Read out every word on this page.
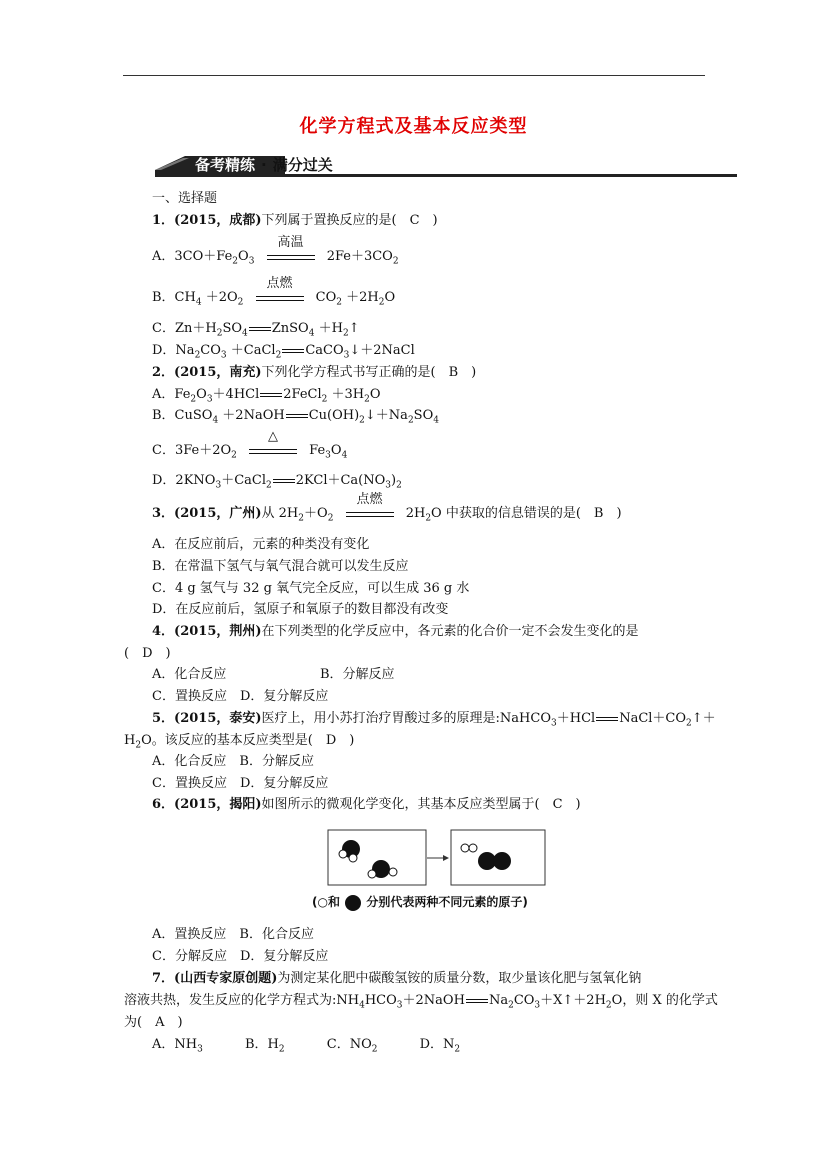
化学方程式及基本反应类型
备考精练 · 满分过关
一、选择题
1．(2015，成都)下列属于置换反应的是(　C　)
A．$3CO+Fe_2O_3$
高温
$2Fe+3CO_2$
B．$CH_4 +2O_2$
点燃
$CO_2 +2H_2O$
C．$Zn+H_2SO_4$ ZnSO$_4$ $+H_2↑$
D．$Na_2CO_3$ ＋CaCl$_2$ CaCO$_3$↓＋2NaCl
2．(2015，南充)下列化学方程式书写正确的是(　B　)
A．$Fe_2O_3+4HCl$ 2FeCl$_2$ $+3H_2O$
B．CuSO$_4$ ＋2NaOH $Cu(OH)_2↓+Na_2SO_4$
C．$3Fe+2O_2$
△
$Fe_3O_4$
D．$2KNO_3+CaCl_2$ $2KCl+Ca(NO_3)_2$
3．(2015，广州)从 $2H_2+O_2$
点燃
$2H_2O$ 中获取的信息错误的是(　B　)
A．在反应前后，元素的种类没有变化
B．在常温下氢气与氧气混合就可以发生反应
C．4 g 氢气与 32 g 氧气完全反应，可以生成 36 g 水
D．在反应前后，氢原子和氧原子的数目都没有改变
4．(2015，荆州)在下列类型的化学反应中，各元素的化合价一定不会发生变化的是
(　D　)
A．化合反应	B．分解反应
C．置换反应　D．复分解反应
5．(2015，泰安)医疗上，用小苏打治疗胃酸过多的原理是:NaHCO$_3$＋HCl $NaCl+CO_2↑+$
$H_2O$。该反应的基本反应类型是(　D　)
A．化合反应　B．分解反应
C．置换反应　D．复分解反应
6．(2015，揭阳)如图所示的微观化学变化，其基本反应类型属于(　C　)
(○和 分别代表两种不同元素的原子)
A．置换反应　B．化合反应
C．分解反应　D．复分解反应
7．(山西专家原创题)为测定某化肥中碳酸氢铵的质量分数，取少量该化肥与氢氧化钠
溶液共热，发生反应的化学方程式为$:NH_4HCO_3+2NaOH$ $Na_2CO_3+X↑+2H_2O$，则 X 的化学式
为(　A　)
A．$NH_3$	B．$H_2$	C．$NO_2$	D．$N_2$
